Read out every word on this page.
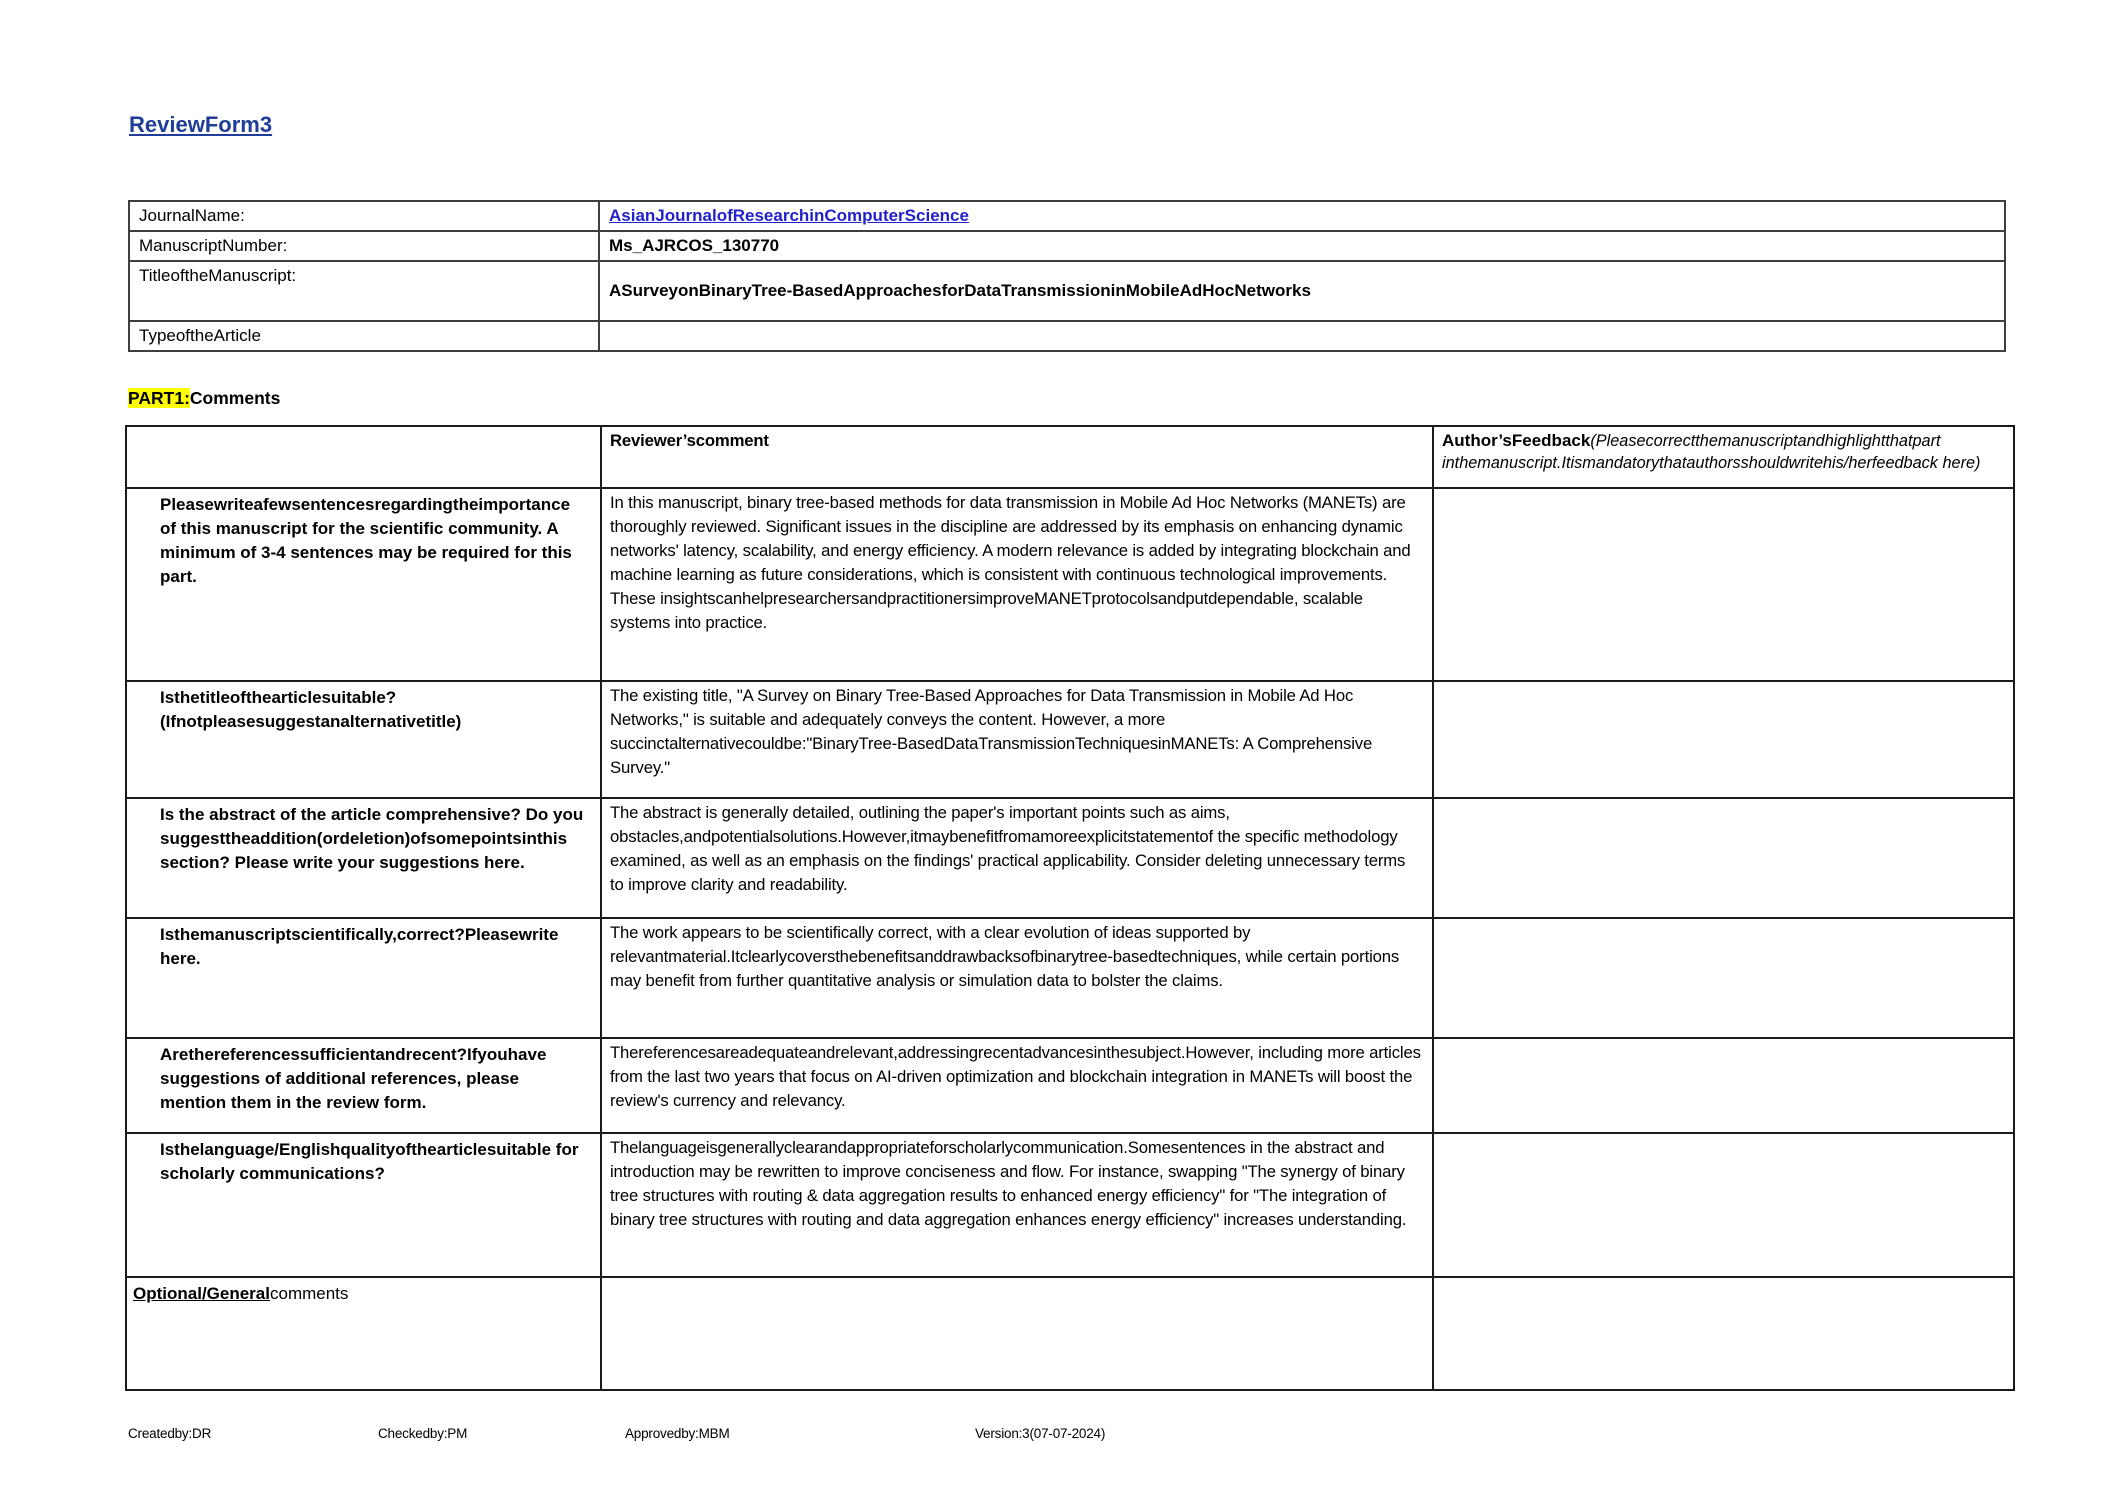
ReviewForm3
JournalName:	AsianJournalofResearchinComputerScience
ManuscriptNumber:	Ms_AJRCOS_130770
TitleoftheManuscript:	ASurveyonBinaryTree-BasedApproachesforDataTransmissioninMobileAdHocNetworks
TypeoftheArticle	
PART1:Comments
	Reviewer’scomment	Author’sFeedback(Pleasecorrectthemanuscriptandhighlightthatpart inthemanuscript.Itismandatorythatauthorsshouldwritehis/herfeedback here)
Pleasewriteafewsentencesregardingtheimportance of this manuscript for the scientific community. A minimum of 3-4 sentences may be required for this part.	In this manuscript, binary tree-based methods for data transmission in Mobile Ad Hoc Networks (MANETs) are thoroughly reviewed. Significant issues in the discipline are addressed by its emphasis on enhancing dynamic networks' latency, scalability, and energy efficiency. A modern relevance is added by integrating blockchain and machine learning as future considerations, which is consistent with continuous technological improvements. These insightscanhelpresearchersandpractitionersimproveMANETprotocolsandputdependable, scalable systems into practice.	
Isthetitleofthearticlesuitable? (Ifnotpleasesuggestanalternativetitle)	The existing title, "A Survey on Binary Tree-Based Approaches for Data Transmission in Mobile Ad Hoc Networks," is suitable and adequately conveys the content. However, a more succinctalternativecouldbe:"BinaryTree-BasedDataTransmissionTechniquesinMANETs: A Comprehensive Survey."	
Is the abstract of the article comprehensive? Do you suggesttheaddition(ordeletion)ofsomepointsinthis section? Please write your suggestions here.	The abstract is generally detailed, outlining the paper's important points such as aims, obstacles,andpotentialsolutions.However,itmaybenefitfromamoreexplicitstatementof the specific methodology examined, as well as an emphasis on the findings' practical applicability. Consider deleting unnecessary terms to improve clarity and readability.	
Isthemanuscriptscientifically,correct?Pleasewrite here.	The work appears to be scientifically correct, with a clear evolution of ideas supported by relevantmaterial.Itclearlycoversthebenefitsanddrawbacksofbinarytree-basedtechniques, while certain portions may benefit from further quantitative analysis or simulation data to bolster the claims.	
Arethereferencessufficientandrecent?Ifyouhave suggestions of additional references, please mention them in the review form.	Thereferencesareadequateandrelevant,addressingrecentadvancesinthesubject.However, including more articles from the last two years that focus on AI-driven optimization and blockchain integration in MANETs will boost the review's currency and relevancy.	
Isthelanguage/Englishqualityofthearticlesuitable for scholarly communications?	Thelanguageisgenerallyclearandappropriateforscholarlycommunication.Somesentences in the abstract and introduction may be rewritten to improve conciseness and flow. For instance, swapping "The synergy of binary tree structures with routing & data aggregation results to enhanced energy efficiency" for "The integration of binary tree structures with routing and data aggregation enhances energy efficiency" increases understanding.	
Optional/Generalcomments		
Createdby:DR	Checkedby:PM	Approvedby:MBM	Version:3(07-07-2024)
